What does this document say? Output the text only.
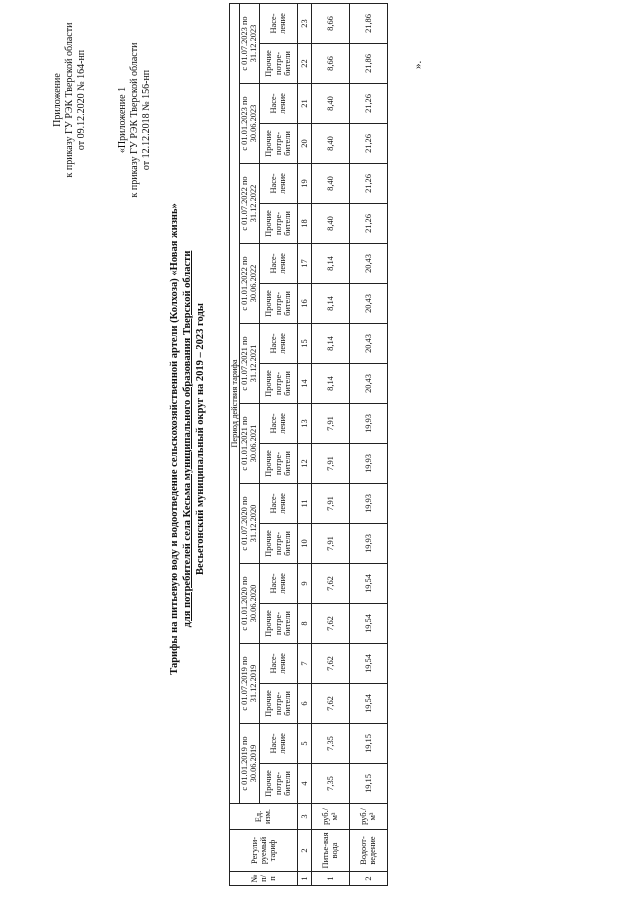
Приложение к приказу ГУ РЭК Тверской области от 09.12.2020 № 164-нп	«Приложение 1 к приказу ГУ РЭК Тверской области от 12.12.2018 № 156-нп
Тарифы на питьевую воду и водоотведение сельскохозяйственной артели (Колхоза) «Новая жизнь» для потребителей села Кесьма муниципального образования Тверской области Весьегонский муниципальный округ на 2019 – 2023 годы
№ п/п	Регули-руемый тариф	Ед. изм.	Период действия тарифа																			
			с 01.01.2019 по 30.06.2019		с 01.07.2019 по 31.12.2019		с 01.01.2020 по 30.06.2020		с 01.07.2020 по 31.12.2020		с 01.01.2021 по 30.06.2021		с 01.07.2021 по 31.12.2021		с 01.01.2022 по 30.06.2022		с 01.07.2022 по 31.12.2022		с 01.01.2023 по 30.06.2023		с 01.07.2023 по 31.12.2023	
			Прочие потре-бители	Насе-ление	Прочие потре-бители	Насе-ление	Прочие потре-бители	Насе-ление	Прочие потре-бители	Насе-ление	Прочие потре-бители	Насе-ление	Прочие потре-бители	Насе-ление	Прочие потре-бители	Насе-ление	Прочие потре-бители	Насе-ление	Прочие потре-бители	Насе-ление	Прочие потре-бители	Насе-ление
1	2	3	4	5	6	7	8	9	10	11	12	13	14	15	16	17	18	19	20	21	22	23
1	Питье-вая вода	руб./м³	7,35	7,35	7,62	7,62	7,62	7,62	7,91	7,91	7,91	7,91	8,14	8,14	8,14	8,14	8,40	8,40	8,40	8,40	8,66	8,66
2	Водоот-ведение	руб./м³	19,15	19,15	19,54	19,54	19,54	19,54	19,93	19,93	19,93	19,93	20,43	20,43	20,43	20,43	21,26	21,26	21,26	21,26	21,86	21,86
».
